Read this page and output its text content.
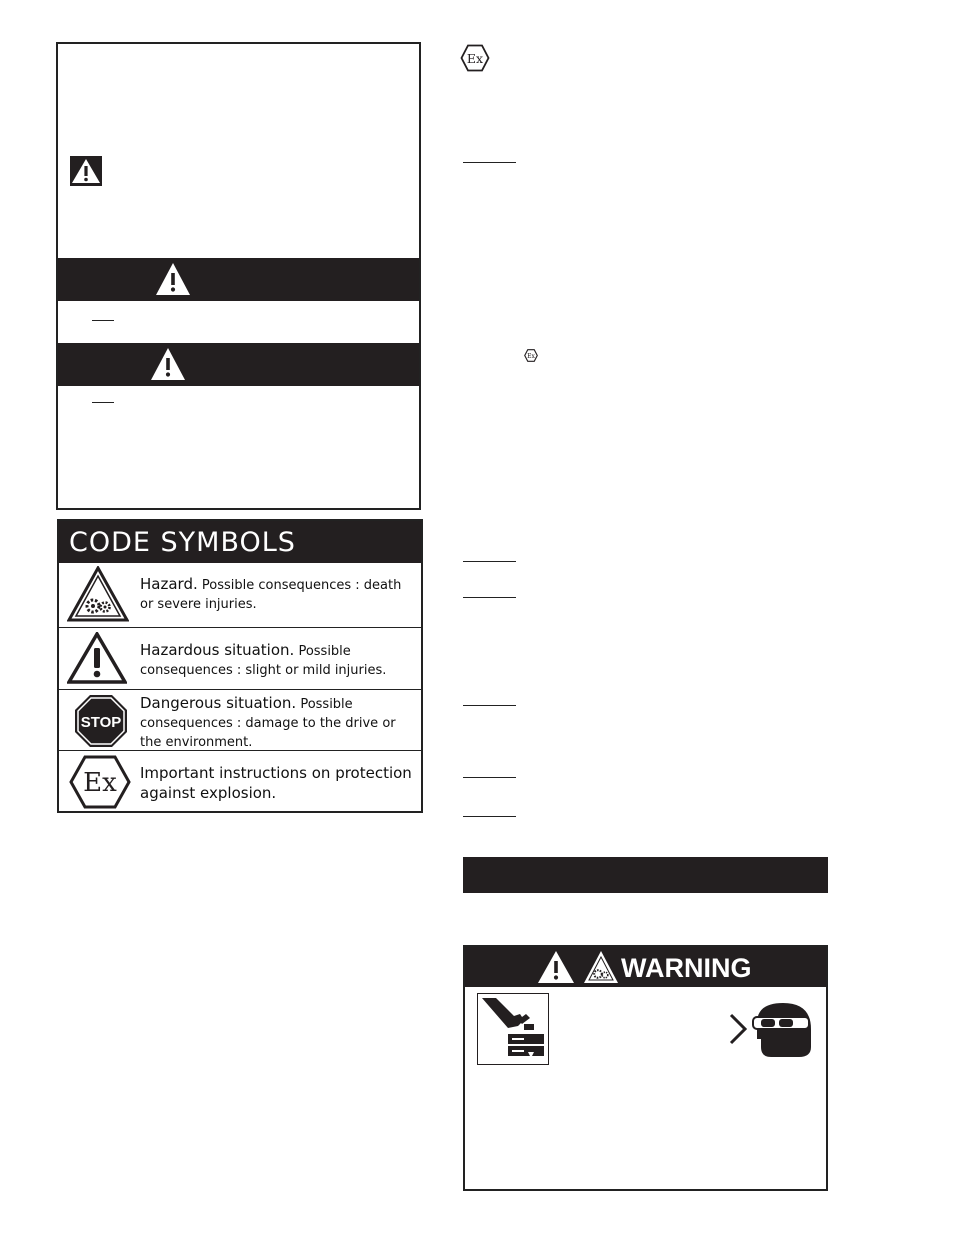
CODE SYMBOLS
Hazard. Possible consequences : death or severe injuries.
Hazardous situation. Possible consequences : slight or mild injuries.
STOP
Dangerous situation. Possible consequences : damage to the drive or the environment.
Ex Important instructions on protection against explosion.
Ex
Ex
WARNING
